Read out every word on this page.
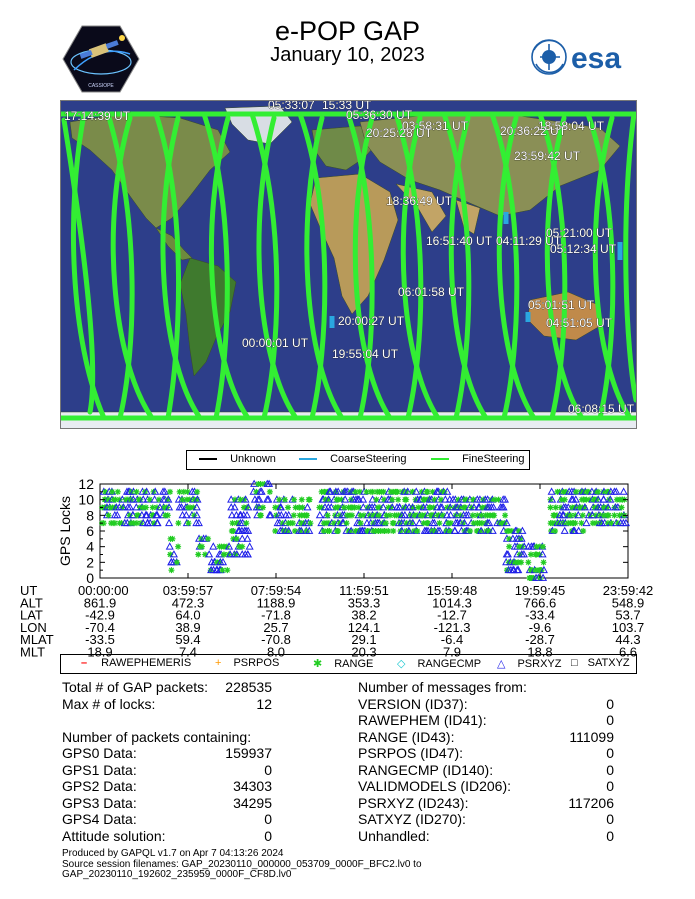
e-POP GAP
January 10, 2023
CASSIOPE
esa
17:14:39 UT
05:33:07 15:33 UT
05:36:30 UT
03:58:31 UT
20:25:28 UT	18:58:04 UT
20:36:22 UT
23:59:42 UT
18:36:49 UT
05:21:00 UT
16:51:40 UT 04:11:29 UT
05:12:34 UT
06:01:58 UT
05:01:51 UT
20:00:27 UT	04:51:05 UT
00:00:01 UT
19:55:04 UT
06:08:15 UT
Unknown	CoarseSteering	FineSteering
0
2
4
6
8
10
12
GPS Locks
UT	00:00:00	03:59:57	07:59:54	11:59:51	15:59:48	19:59:45	23:59:42
ALT	861.9	472.3	1188.9	353.3	1014.3	766.6	548.9
LAT	-42.9	64.0	-71.8	38.2	-12.7	-33.4	53.7
LON	-70.4	38.9	25.7	124.1	-121.3	-9.6	103.7
MLAT -33.5	59.4	-70.8	29.1	-6.4	-28.7	44.3
MLT	18.9	7.4	8.0	20.3	7.9	18.8	6.6
– RAWEPHEMERIS + PSRPOS	✱ RANGE ◇ RANGECMP △ PSRXYZ □ SATXYZ
Total # of GAP packets:	228535
Max # of locks:	12
Number of packets containing:
GPS0 Data:	159937
GPS1 Data:	0
GPS2 Data:	34303
GPS3 Data:	34295
GPS4 Data:	0
Attitude solution:	0
Number of messages from:
VERSION (ID37):	0
RAWEPHEM (ID41):	0
RANGE (ID43):	111099
PSRPOS (ID47):	0
RANGECMP (ID140):	0
VALIDMODELS (ID206):	0
PSRXYZ (ID243):	117206
SATXYZ (ID270):	0
Unhandled:	0
Produced by GAPQL v1.7 on Apr 7 04:13:26 2024
Source session filenames: GAP_20230110_000000_053709_0000F_BFC2.lv0 to
GAP_20230110_192602_235959_0000F_CF8D.lv0
